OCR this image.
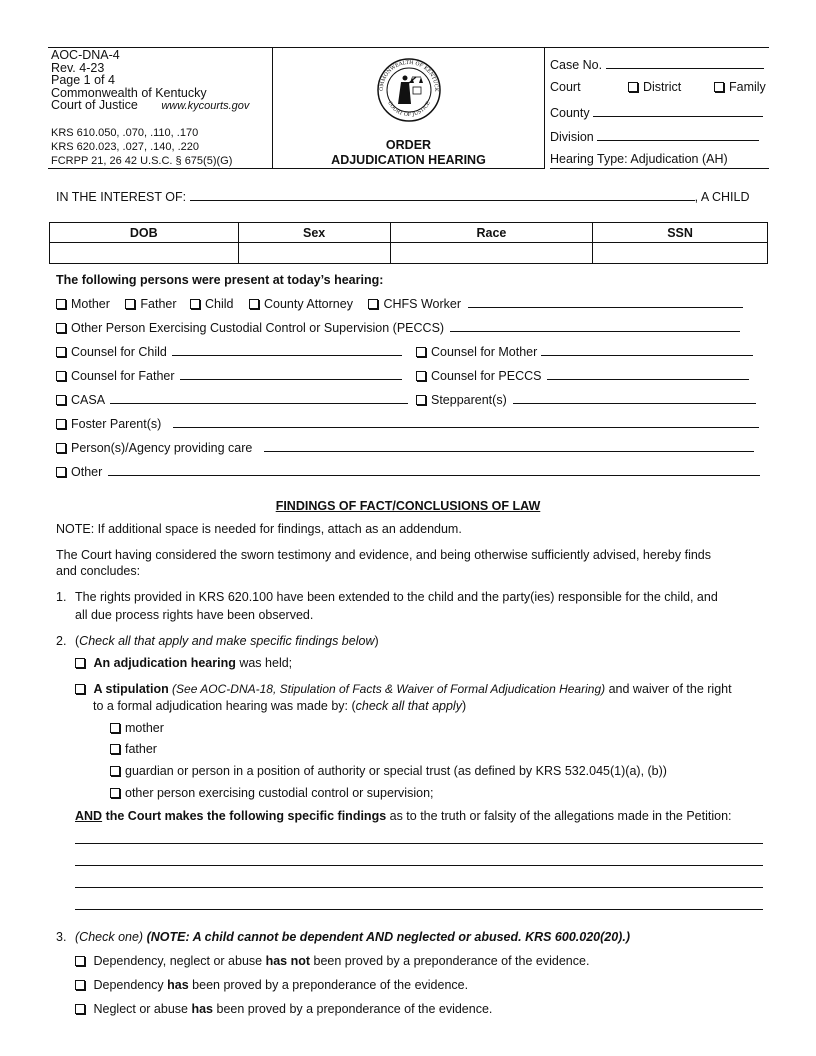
AOC-DNA-4
Rev. 4-23
Page 1 of 4
Commonwealth of Kentucky
Court of Justice www.kycourts.gov
KRS 610.050, .070, .110, .170
KRS 620.023, .027, .140, .220
FCRPP 21, 26 42 U.S.C. § 675(5)(G)
OMMONWEALTH OF KENTUCK
COURT OF JUSTICE
ORDER
ADJUDICATION HEARING
Case No.
Court	District	Family
County
Division
Hearing Type: Adjudication (AH)
IN THE INTEREST OF:	, A CHILD
DOB	Sex	Race	SSN

The following persons were present at today’s hearing:
Mother Father Child County Attorney CHFS Worker
Other Person Exercising Custodial Control or Supervision (PECCS)
Counsel for Child	Counsel for Mother
Counsel for Father	Counsel for PECCS
CASA	Stepparent(s)
Foster Parent(s)
Person(s)/Agency providing care
Other
FINDINGS OF FACT/CONCLUSIONS OF LAW
NOTE: If additional space is needed for findings, attach as an addendum.
The Court having considered the sworn testimony and evidence, and being otherwise sufficiently advised, hereby finds
and concludes:
1. The rights provided in KRS 620.100 have been extended to the child and the party(ies) responsible for the child, and
all due process rights have been observed.
2. (Check all that apply and make specific findings below)
An adjudication hearing was held;
A stipulation (See AOC-DNA-18, Stipulation of Facts & Waiver of Formal Adjudication Hearing) and waiver of the right
to a formal adjudication hearing was made by: (check all that apply)
mother
father
guardian or person in a position of authority or special trust (as defined by KRS 532.045(1)(a), (b))
other person exercising custodial control or supervision;
AND the Court makes the following specific findings as to the truth or falsity of the allegations made in the Petition:
3. (Check one) (NOTE: A child cannot be dependent AND neglected or abused. KRS 600.020(20).)
Dependency, neglect or abuse has not been proved by a preponderance of the evidence.
Dependency has been proved by a preponderance of the evidence.
Neglect or abuse has been proved by a preponderance of the evidence.
